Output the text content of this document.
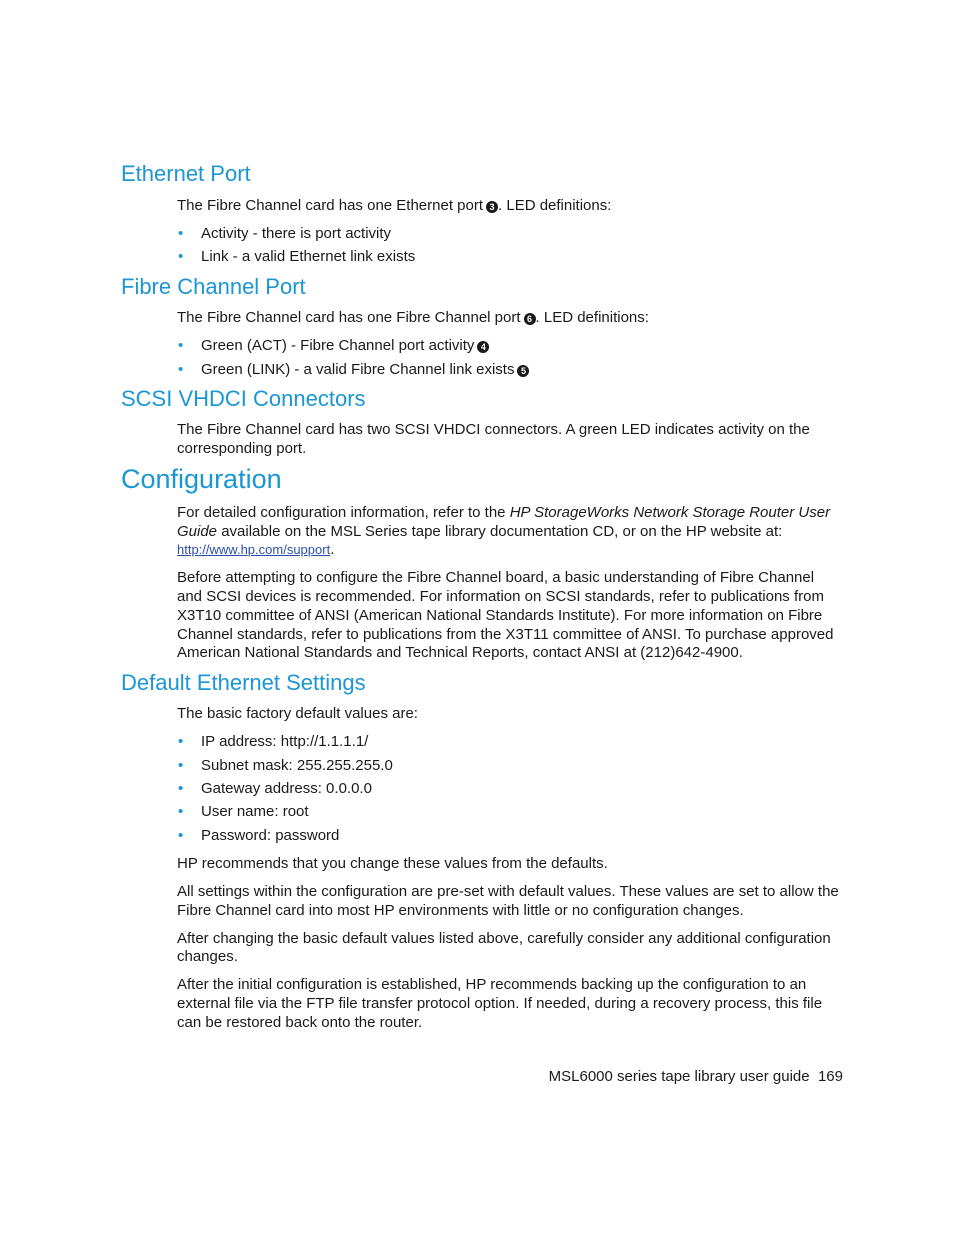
Ethernet Port
The Fibre Channel card has one Ethernet port 3 . LED definitions:
• Activity - there is port activity
• Link - a valid Ethernet link exists
Fibre Channel Port
The Fibre Channel card has one Fibre Channel port 6 . LED definitions:
• Green (ACT) - Fibre Channel port activity 4
• Green (LINK) - a valid Fibre Channel link exists 5
SCSI VHDCI Connectors
The Fibre Channel card has two SCSI VHDCI connectors. A green LED indicates activity on the
corresponding port.
Configuration
For detailed configuration information, refer to the HP StorageWorks Network Storage Router User
Guide available on the MSL Series tape library documentation CD, or on the HP website at:
http://www.hp.com/support.
Before attempting to configure the Fibre Channel board, a basic understanding of Fibre Channel
and SCSI devices is recommended. For information on SCSI standards, refer to publications from
X3T10 committee of ANSI (American National Standards Institute). For more information on Fibre
Channel standards, refer to publications from the X3T11 committee of ANSI. To purchase approved
American National Standards and Technical Reports, contact ANSI at (212)642-4900.
Default Ethernet Settings
The basic factory default values are:
• IP address: http://1.1.1.1/
• Subnet mask: 255.255.255.0
• Gateway address: 0.0.0.0
• User name: root
• Password: password
HP recommends that you change these values from the defaults.
All settings within the configuration are pre-set with default values. These values are set to allow the
Fibre Channel card into most HP environments with little or no configuration changes.
After changing the basic default values listed above, carefully consider any additional configuration
changes.
After the initial configuration is established, HP recommends backing up the configuration to an
external file via the FTP file transfer protocol option. If needed, during a recovery process, this file
can be restored back onto the router.
MSL6000 series tape library user guide 169
